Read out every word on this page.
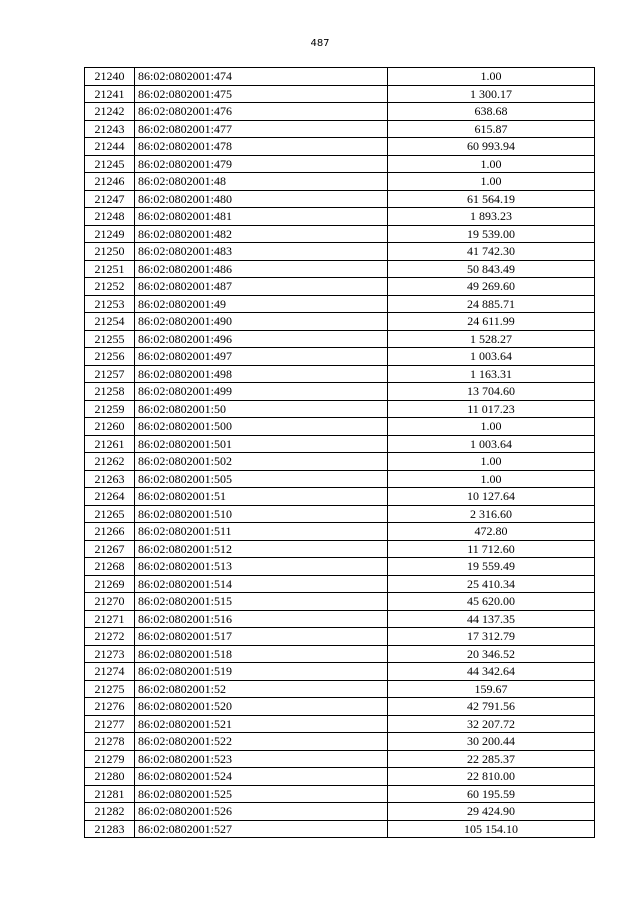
487
21240	86:02:0802001:474	1.00
21241	86:02:0802001:475	1 300.17
21242	86:02:0802001:476	638.68
21243	86:02:0802001:477	615.87
21244	86:02:0802001:478	60 993.94
21245	86:02:0802001:479	1.00
21246	86:02:0802001:48	1.00
21247	86:02:0802001:480	61 564.19
21248	86:02:0802001:481	1 893.23
21249	86:02:0802001:482	19 539.00
21250	86:02:0802001:483	41 742.30
21251	86:02:0802001:486	50 843.49
21252	86:02:0802001:487	49 269.60
21253	86:02:0802001:49	24 885.71
21254	86:02:0802001:490	24 611.99
21255	86:02:0802001:496	1 528.27
21256	86:02:0802001:497	1 003.64
21257	86:02:0802001:498	1 163.31
21258	86:02:0802001:499	13 704.60
21259	86:02:0802001:50	11 017.23
21260	86:02:0802001:500	1.00
21261	86:02:0802001:501	1 003.64
21262	86:02:0802001:502	1.00
21263	86:02:0802001:505	1.00
21264	86:02:0802001:51	10 127.64
21265	86:02:0802001:510	2 316.60
21266	86:02:0802001:511	472.80
21267	86:02:0802001:512	11 712.60
21268	86:02:0802001:513	19 559.49
21269	86:02:0802001:514	25 410.34
21270	86:02:0802001:515	45 620.00
21271	86:02:0802001:516	44 137.35
21272	86:02:0802001:517	17 312.79
21273	86:02:0802001:518	20 346.52
21274	86:02:0802001:519	44 342.64
21275	86:02:0802001:52	159.67
21276	86:02:0802001:520	42 791.56
21277	86:02:0802001:521	32 207.72
21278	86:02:0802001:522	30 200.44
21279	86:02:0802001:523	22 285.37
21280	86:02:0802001:524	22 810.00
21281	86:02:0802001:525	60 195.59
21282	86:02:0802001:526	29 424.90
21283	86:02:0802001:527	105 154.10
